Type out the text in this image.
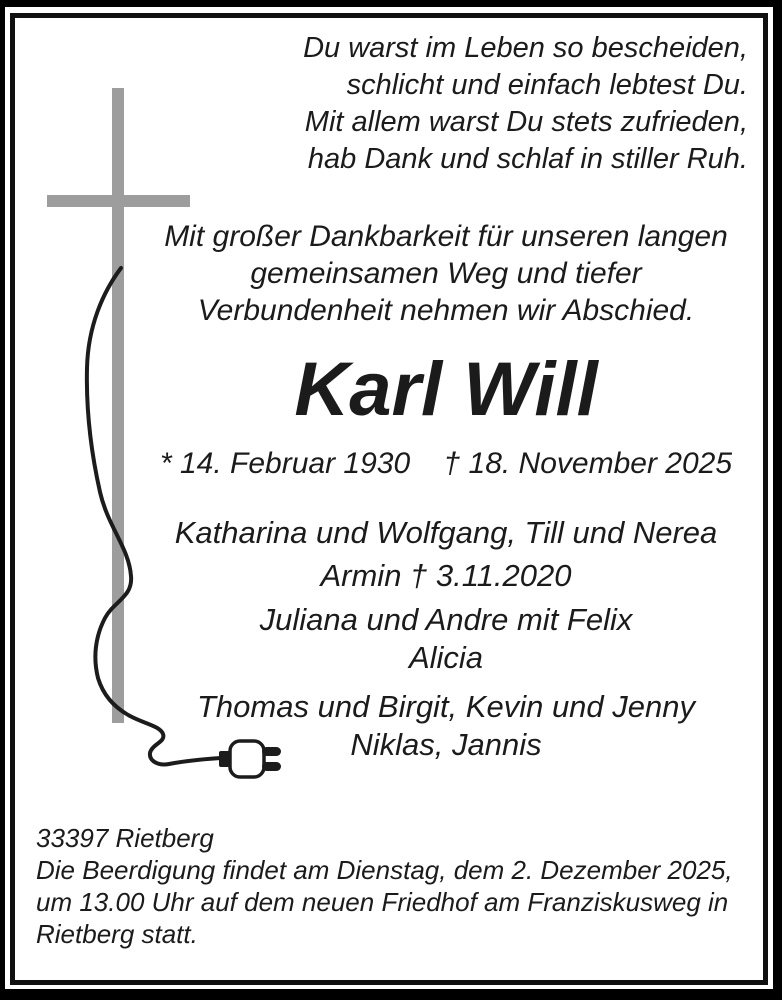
Du warst im Leben so bescheiden,
schlicht und einfach lebtest Du.
Mit allem warst Du stets zufrieden,
hab Dank und schlaf in stiller Ruh.
Mit großer Dankbarkeit für unseren langen
gemeinsamen Weg und tiefer
Verbundenheit nehmen wir Abschied.
Karl Will
* 14. Februar 1930    † 18. November 2025
Katharina und Wolfgang, Till und Nerea
Armin † 3.11.2020
Juliana und Andre mit Felix
Alicia
Thomas und Birgit, Kevin und Jenny
Niklas, Jannis
33397 Rietberg
Die Beerdigung findet am Dienstag, dem 2. Dezember 2025,
um 13.00 Uhr auf dem neuen Friedhof am Franziskusweg in
Rietberg statt.
